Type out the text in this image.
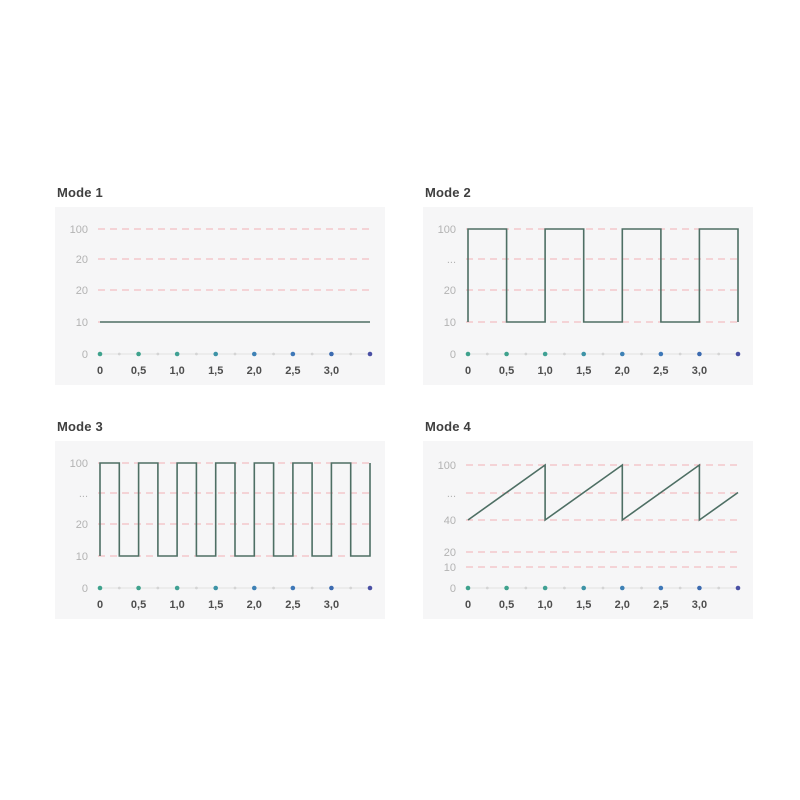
Mode 1
100
20
20
10
0
0	0,5 1,0 1,5 2,0 2,5 3,0
Mode 2
100
...
20
10
0
0	0,5 1,0 1,5 2,0 2,5 3,0
Mode 3
100
...
20
10
0
0	0,5 1,0 1,5 2,0 2,5 3,0
Mode 4
100
...
40
20
10
0
0	0,5 1,0 1,5 2,0 2,5 3,0
